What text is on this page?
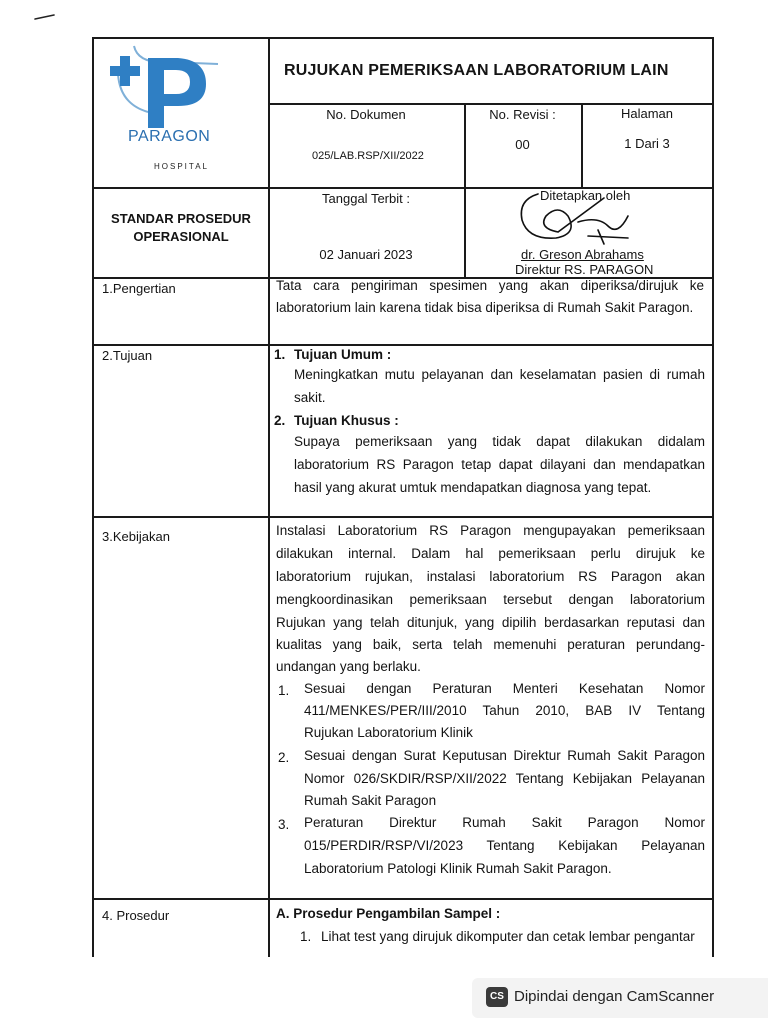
PARAGON
HOSPITAL
RUJUKAN PEMERIKSAAN LABORATORIUM LAIN
No. Dokumen
025/LAB.RSP/XII/2022
No. Revisi :
00
Halaman
1 Dari 3
STANDAR PROSEDUR
OPERASIONAL
Tanggal Terbit :
02 Januari 2023
Ditetapkan oleh
dr. Greson Abrahams
Direktur RS. PARAGON
1.Pengertian	Tata cara pengiriman spesimen yang akan diperiksa/dirujuk ke
laboratorium lain karena tidak bisa diperiksa di Rumah Sakit Paragon.
2.Tujuan	1. Tujuan Umum :
Meningkatkan mutu pelayanan dan keselamatan pasien di rumah
sakit.
2. Tujuan Khusus :
Supaya pemeriksaan yang tidak dapat dilakukan didalam
laboratorium RS Paragon tetap dapat dilayani dan mendapatkan
hasil yang akurat umtuk mendapatkan diagnosa yang tepat.
3.Kebijakan	Instalasi Laboratorium RS Paragon mengupayakan pemeriksaan
dilakukan internal. Dalam hal pemeriksaan perlu dirujuk ke
laboratorium rujukan, instalasi laboratorium RS Paragon akan
mengkoordinasikan pemeriksaan tersebut dengan laboratorium
Rujukan yang telah ditunjuk, yang dipilih berdasarkan reputasi dan
kualitas yang baik, serta telah memenuhi peraturan perundang-
undangan yang berlaku.
1. Sesuai dengan Peraturan Menteri Kesehatan Nomor
411/MENKES/PER/III/2010 Tahun 2010, BAB IV Tentang
Rujukan Laboratorium Klinik
2. Sesuai dengan Surat Keputusan Direktur Rumah Sakit Paragon
Nomor 026/SKDIR/RSP/XII/2022 Tentang Kebijakan Pelayanan
Rumah Sakit Paragon
3. Peraturan Direktur Rumah Sakit Paragon Nomor
015/PERDIR/RSP/VI/2023 Tentang Kebijakan Pelayanan
Laboratorium Patologi Klinik Rumah Sakit Paragon.
4. Prosedur	A. Prosedur Pengambilan Sampel :
1. Lihat test yang dirujuk dikomputer dan cetak lembar pengantar
CS Dipindai dengan CamScanner
